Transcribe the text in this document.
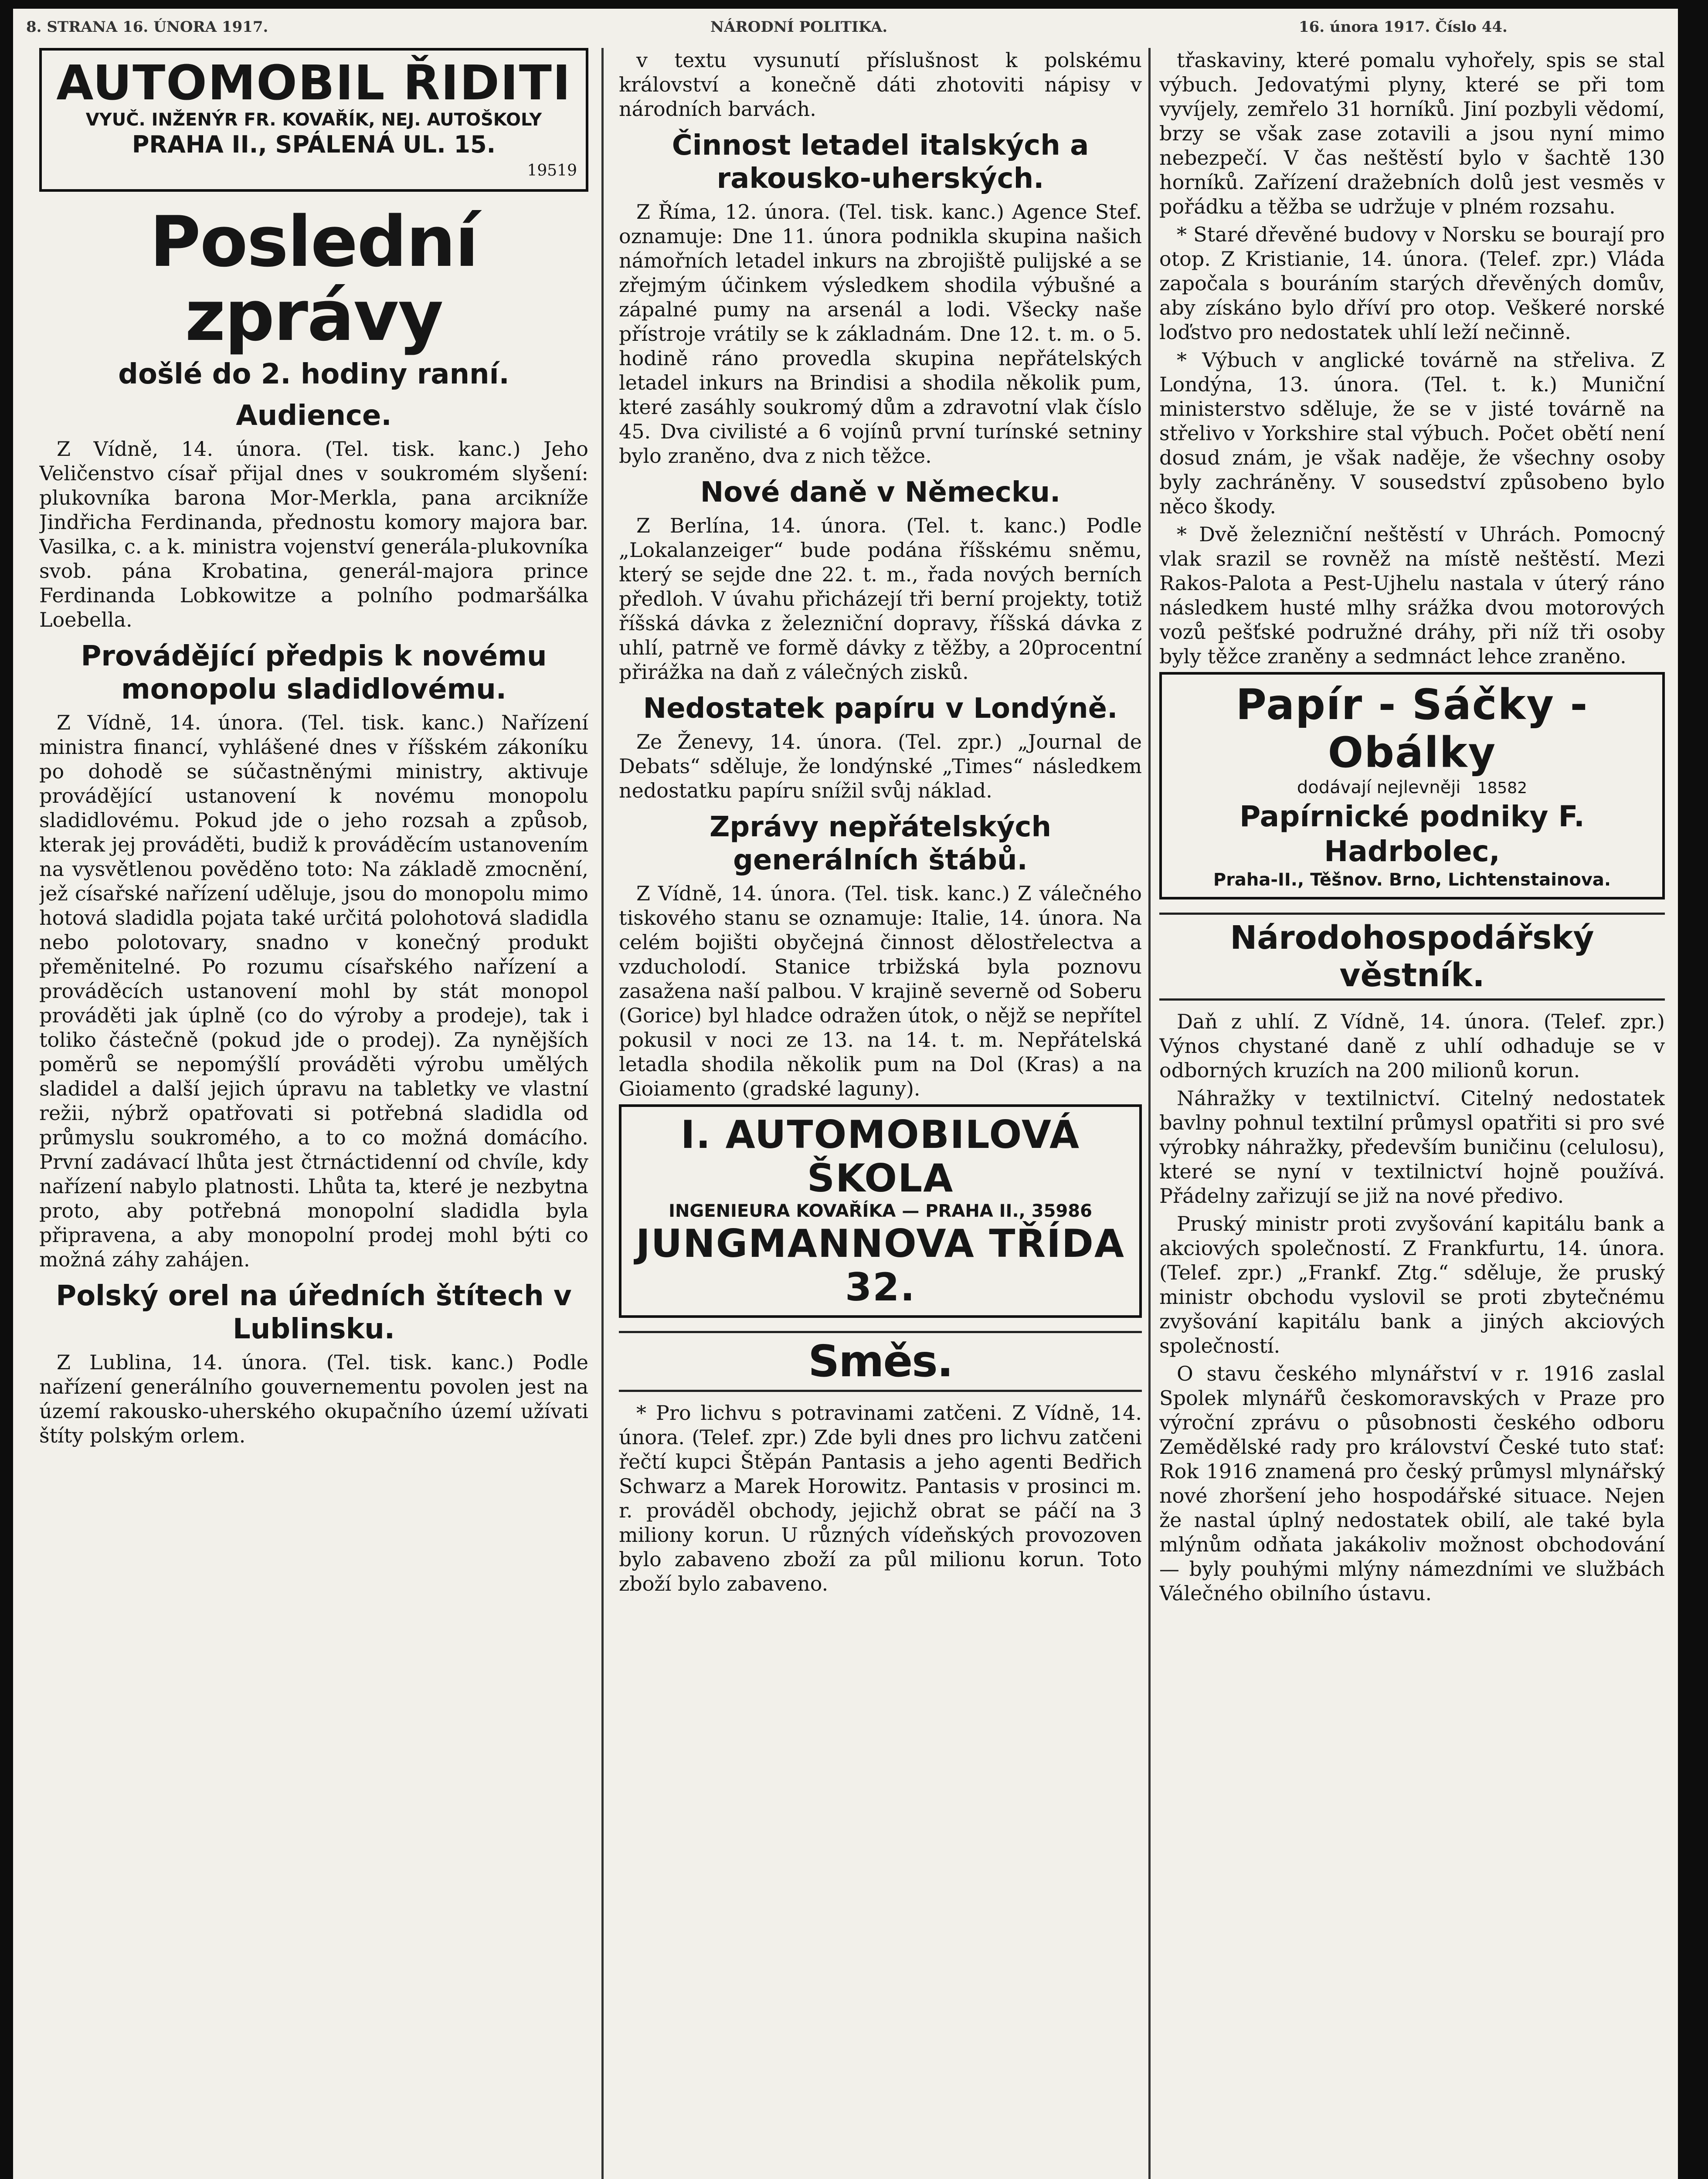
8. STRANA 16. ÚNORA 1917.	NÁRODNÍ POLITIKA.	16. února 1917. Číslo 44.
AUTOMOBIL ŘIDITI
VYUČ. INŽENÝR FR. KOVAŘÍK, NEJ. AUTOŠKOLY
PRAHA II., SPÁLENÁ UL. 15.
19519
Poslední zprávy
došlé do 2. hodiny ranní.
Audience.

Z Vídně, 14. února. (Tel. tisk. kanc.) Jeho Veličenstvo císař přijal dnes v soukromém slyšení: plukovníka barona Mor-Merkla, pana arcikníže Jindřicha Ferdinanda, přednostu komory majora bar. Vasilka, c. a k. ministra vojenství generála-plukovníka svob. pána Krobatina, generál-majora prince Ferdinanda Lobkowitze a polního podmaršálka Loebella.

Provádějící předpis k novému monopolu sladidlovému.

Z Vídně, 14. února. (Tel. tisk. kanc.) Nařízení ministra financí, vyhlášené dnes v říšském zákoníku po dohodě se súčastněnými ministry, aktivuje provádějící ustanovení k novému monopolu sladidlovému. Pokud jde o jeho rozsah a způsob, kterak jej prováděti, budiž k prováděcím ustanovením na vysvětlenou pověděno toto: Na základě zmocnění, jež císařské nařízení uděluje, jsou do monopolu mimo hotová sladidla pojata také určitá polohotová sladidla nebo polotovary, snadno v konečný produkt přeměnitelné. Po rozumu císařského nařízení a prováděcích ustanovení mohl by stát monopol prováděti jak úplně (co do výroby a prodeje), tak i toliko částečně (pokud jde o prodej). Za nynějších poměrů se nepomýšlí prováděti výrobu umělých sladidel a další jejich úpravu na tabletky ve vlastní režii, nýbrž opatřovati si potřebná sladidla od průmyslu soukromého, a to co možná domácího. První zadávací lhůta jest čtrnáctidenní od chvíle, kdy nařízení nabylo platnosti. Lhůta ta, které je nezbytna proto, aby potřebná monopolní sladidla byla připravena, a aby monopolní prodej mohl býti co možná záhy zahájen.

Polský orel na úředních štítech v Lublinsku.

Z Lublina, 14. února. (Tel. tisk. kanc.) Podle nařízení generálního gouvernementu povolen jest na území rakousko-uherského okupačního území užívati štíty polským orlem.

v textu vysunutí příslušnost k polskému království a konečně dáti zhotoviti nápisy v národních barvách.

Činnost letadel italských a rakousko-uherských.

Z Říma, 12. února. (Tel. tisk. kanc.) Agence Stef. oznamuje: Dne 11. února podnikla skupina našich námořních letadel inkurs na zbrojiště pulijské a se zřejmým účinkem výsledkem shodila výbušné a zápalné pumy na arsenál a lodi. Všecky naše přístroje vrátily se k základnám. Dne 12. t. m. o 5. hodině ráno provedla skupina nepřátelských letadel inkurs na Brindisi a shodila několik pum, které zasáhly soukromý dům a zdravotní vlak číslo 45. Dva civilisté a 6 vojínů první turínské setniny bylo zraněno, dva z nich těžce.

Nové daně v Německu.

Z Berlína, 14. února. (Tel. t. kanc.) Podle „Lokalanzeiger“ bude podána říšskému sněmu, který se sejde dne 22. t. m., řada nových berních předloh. V úvahu přicházejí tři berní projekty, totiž říšská dávka z železniční dopravy, říšská dávka z uhlí, patrně ve formě dávky z těžby, a 20procentní přirážka na daň z válečných zisků.

Nedostatek papíru v Londýně.

Ze Ženevy, 14. února. (Tel. zpr.) „Journal de Debats“ sděluje, že londýnské „Times“ následkem nedostatku papíru snížil svůj náklad.

Zprávy nepřátelských generálních štábů.

Z Vídně, 14. února. (Tel. tisk. kanc.) Z válečného tiskového stanu se oznamuje: Italie, 14. února. Na celém bojišti obyčejná činnost dělostřelectva a vzducholodí. Stanice trbižská byla poznovu zasažena naší palbou. V krajině severně od Soberu (Gorice) byl hladce odražen útok, o nějž se nepřítel pokusil v noci ze 13. na 14. t. m. Nepřátelská letadla shodila několik pum na Dol (Kras) a na Gioiamento (gradské laguny).

I. AUTOMOBILOVÁ ŠKOLA
INGENIEURA KOVAŘÍKA — PRAHA II., 35986
JUNGMANNOVA TŘÍDA 32.
Směs.

* Pro lichvu s potravinami zatčeni. Z Vídně, 14. února. (Telef. zpr.) Zde byli dnes pro lichvu zatčeni řečtí kupci Štěpán Pantasis a jeho agenti Bedřich Schwarz a Marek Horowitz. Pantasis v prosinci m. r. prováděl obchody, jejichž obrat se páčí na 3 miliony korun. U různých vídeňských provozoven bylo zabaveno zboží za půl milionu korun. Toto zboží bylo zabaveno.

třaskaviny, které pomalu vyhořely, spis se stal výbuch. Jedovatými plyny, které se při tom vyvíjely, zemřelo 31 horníků. Jiní pozbyli vědomí, brzy se však zase zotavili a jsou nyní mimo nebezpečí. V čas neštěstí bylo v šachtě 130 horníků. Zařízení dražebních dolů jest vesměs v pořádku a těžba se udržuje v plném rozsahu.

* Staré dřevěné budovy v Norsku se bourají pro otop. Z Kristianie, 14. února. (Telef. zpr.) Vláda započala s bouráním starých dřevěných domův, aby získáno bylo dříví pro otop. Veškeré norské loďstvo pro nedostatek uhlí leží nečinně.

* Výbuch v anglické továrně na střeliva. Z Londýna, 13. února. (Tel. t. k.) Muniční ministerstvo sděluje, že se v jisté továrně na střelivo v Yorkshire stal výbuch. Počet obětí není dosud znám, je však naděje, že všechny osoby byly zachráněny. V sousedství způsobeno bylo něco škody.

* Dvě železniční neštěstí v Uhrách. Pomocný vlak srazil se rovněž na místě neštěstí. Mezi Rakos-Palota a Pest-Ujhelu nastala v úterý ráno následkem husté mlhy srážka dvou motorových vozů pešťské podružné dráhy, při níž tři osoby byly těžce zraněny a sedmnáct lehce zraněno.

Papír - Sáčky - Obálky
dodávají nejlevněji 18582
Papírnické podniky F. Hadrbolec,
Praha-II., Těšnov. Brno, Lichtenstainova.
Národohospodářský věstník.

Daň z uhlí. Z Vídně, 14. února. (Telef. zpr.) Výnos chystané daně z uhlí odhaduje se v odborných kruzích na 200 milionů korun.

Náhražky v textilnictví. Citelný nedostatek bavlny pohnul textilní průmysl opatřiti si pro své výrobky náhražky, především buničinu (celulosu), které se nyní v textilnictví hojně používá. Přádelny zařizují se již na nové předivo.

Pruský ministr proti zvyšování kapitálu bank a akciových společností. Z Frankfurtu, 14. února. (Telef. zpr.) „Frankf. Ztg.“ sděluje, že pruský ministr obchodu vyslovil se proti zbytečnému zvyšování kapitálu bank a jiných akciových společností.

O stavu českého mlynářství v r. 1916 zaslal Spolek mlynářů českomoravských v Praze pro výroční zprávu o působnosti českého odboru Zemědělské rady pro království České tuto stať: Rok 1916 znamená pro český průmysl mlynářský nové zhoršení jeho hospodářské situace. Nejen že nastal úplný nedostatek obilí, ale také byla mlýnům odňata jakákoliv možnost obchodování — byly pouhými mlýny námezdními ve službách Válečného obilního ústavu.
